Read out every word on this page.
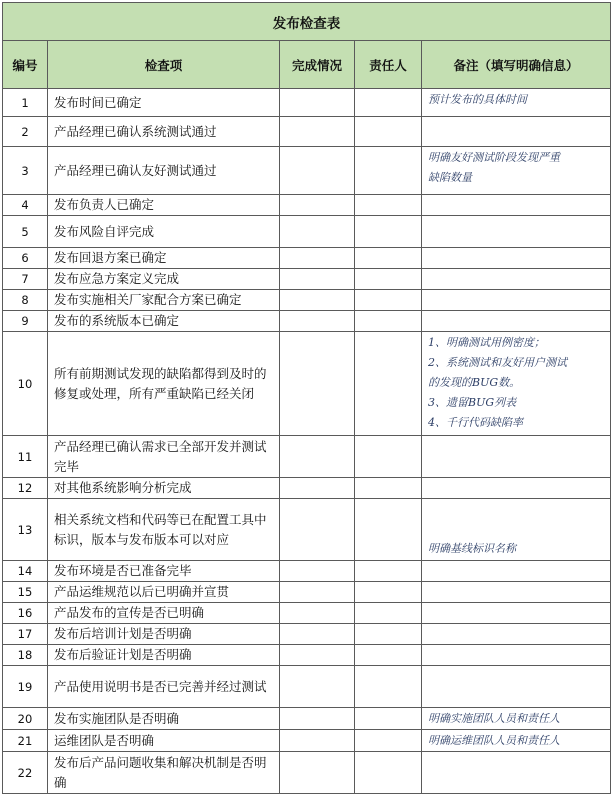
发布检查表				
编号	检查项	完成情况	责任人	备注（填写明确信息）
1	发布时间已确定			预计发布的具体时间

2	产品经理已确认系统测试通过			
3	产品经理已确认友好测试通过			明确友好测试阶段发现严重
缺陷数量

4	发布负责人已确定			
5	发布风险自评完成			
6	发布回退方案已确定			
7	发布应急方案定义完成			
8	发布实施相关厂家配合方案已确定			
9	发布的系统版本已确定			
10	所有前期测试发现的缺陷都得到及时的修复或处理，所有严重缺陷已经关闭			1、明确测试用例密度；
2、系统测试和友好用户测试
的发现的BUG数。
3、遗留BUG列表
4、千行代码缺陷率

11	产品经理已确认需求已全部开发并测试完毕			
12	对其他系统影响分析完成			
13	相关系统文档和代码等已在配置工具中标识，版本与发布版本可以对应			明确基线标识名称

14	发布环境是否已准备完毕			
15	产品运维规范以后已明确并宣贯			
16	产品发布的宣传是否已明确			
17	发布后培训计划是否明确			
18	发布后验证计划是否明确			
19	产品使用说明书是否已完善并经过测试			
20	发布实施团队是否明确			明确实施团队人员和责任人

21	运维团队是否明确			明确运维团队人员和责任人

22	发布后产品问题收集和解决机制是否明确			
